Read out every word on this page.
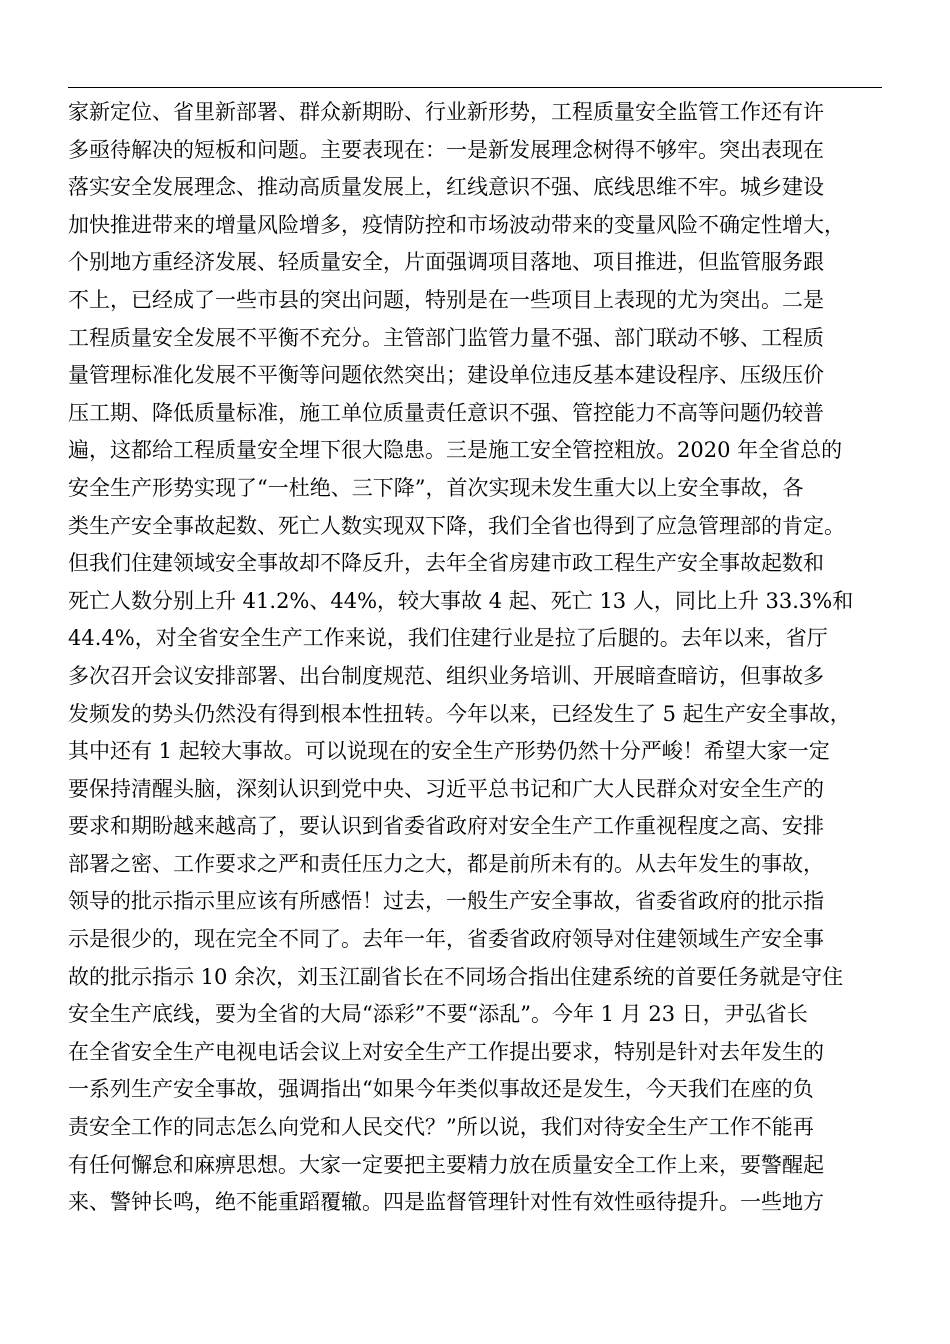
家新定位、省里新部署、群众新期盼、行业新形势，工程质量安全监管工作还有许
多亟待解决的短板和问题。主要表现在：一是新发展理念树得不够牢。突出表现在
落实安全发展理念、推动高质量发展上，红线意识不强、底线思维不牢。城乡建设
加快推进带来的增量风险增多，疫情防控和市场波动带来的变量风险不确定性增大，
个别地方重经济发展、轻质量安全，片面强调项目落地、项目推进，但监管服务跟
不上，已经成了一些市县的突出问题，特别是在一些项目上表现的尤为突出。二是
工程质量安全发展不平衡不充分。主管部门监管力量不强、部门联动不够、工程质
量管理标准化发展不平衡等问题依然突出；建设单位违反基本建设程序、压级压价
压工期、降低质量标准，施工单位质量责任意识不强、管控能力不高等问题仍较普
遍，这都给工程质量安全埋下很大隐患。三是施工安全管控粗放。2020 年全省总的
安全生产形势实现了“一杜绝、三下降”，首次实现未发生重大以上安全事故，各
类生产安全事故起数、死亡人数实现双下降，我们全省也得到了应急管理部的肯定。
但我们住建领域安全事故却不降反升，去年全省房建市政工程生产安全事故起数和
死亡人数分别上升 41.2%、44%，较大事故 4 起、死亡 13 人，同比上升 33.3%和
44.4%，对全省安全生产工作来说，我们住建行业是拉了后腿的。去年以来，省厅
多次召开会议安排部署、出台制度规范、组织业务培训、开展暗查暗访，但事故多
发频发的势头仍然没有得到根本性扭转。今年以来，已经发生了 5 起生产安全事故，
其中还有 1 起较大事故。可以说现在的安全生产形势仍然十分严峻！希望大家一定
要保持清醒头脑，深刻认识到党中央、习近平总书记和广大人民群众对安全生产的
要求和期盼越来越高了，要认识到省委省政府对安全生产工作重视程度之高、安排
部署之密、工作要求之严和责任压力之大，都是前所未有的。从去年发生的事故，
领导的批示指示里应该有所感悟！过去，一般生产安全事故，省委省政府的批示指
示是很少的，现在完全不同了。去年一年，省委省政府领导对住建领域生产安全事
故的批示指示 10 余次，刘玉江副省长在不同场合指出住建系统的首要任务就是守住
安全生产底线，要为全省的大局“添彩”不要“添乱”。今年 1 月 23 日，尹弘省长
在全省安全生产电视电话会议上对安全生产工作提出要求，特别是针对去年发生的
一系列生产安全事故，强调指出“如果今年类似事故还是发生，今天我们在座的负
责安全工作的同志怎么向党和人民交代？”所以说，我们对待安全生产工作不能再
有任何懈怠和麻痹思想。大家一定要把主要精力放在质量安全工作上来，要警醒起
来、警钟长鸣，绝不能重蹈覆辙。四是监督管理针对性有效性亟待提升。一些地方
